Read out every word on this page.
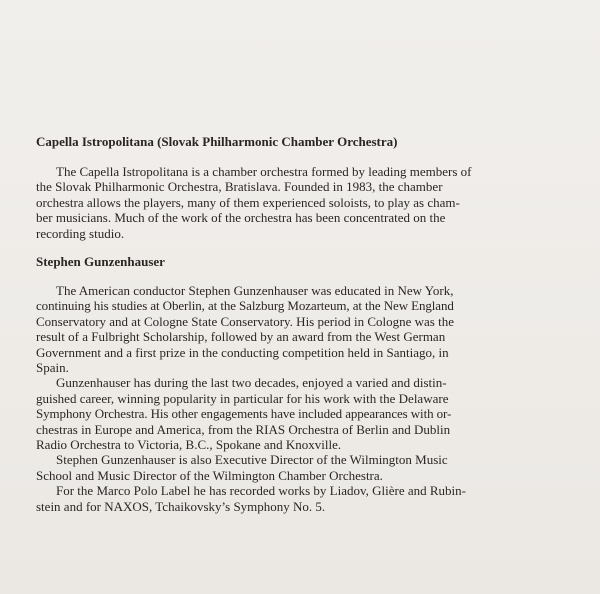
Capella Istropolitana (Slovak Philharmonic Chamber Orchestra)
The Capella Istropolitana is a chamber orchestra formed by leading members of
the Slovak Philharmonic Orchestra, Bratislava. Founded in 1983, the chamber
orchestra allows the players, many of them experienced soloists, to play as cham-
ber musicians. Much of the work of the orchestra has been concentrated on the
recording studio.
Stephen Gunzenhauser
The American conductor Stephen Gunzenhauser was educated in New York,
continuing his studies at Oberlin, at the Salzburg Mozarteum, at the New England
Conservatory and at Cologne State Conservatory. His period in Cologne was the
result of a Fulbright Scholarship, followed by an award from the West German
Government and a first prize in the conducting competition held in Santiago, in
Spain.
Gunzenhauser has during the last two decades, enjoyed a varied and distin-
guished career, winning popularity in particular for his work with the Delaware
Symphony Orchestra. His other engagements have included appearances with or-
chestras in Europe and America, from the RIAS Orchestra of Berlin and Dublin
Radio Orchestra to Victoria, B.C., Spokane and Knoxville.
Stephen Gunzenhauser is also Executive Director of the Wilmington Music
School and Music Director of the Wilmington Chamber Orchestra.
For the Marco Polo Label he has recorded works by Liadov, Glière and Rubin-
stein and for NAXOS, Tchaikovsky’s Symphony No. 5.
